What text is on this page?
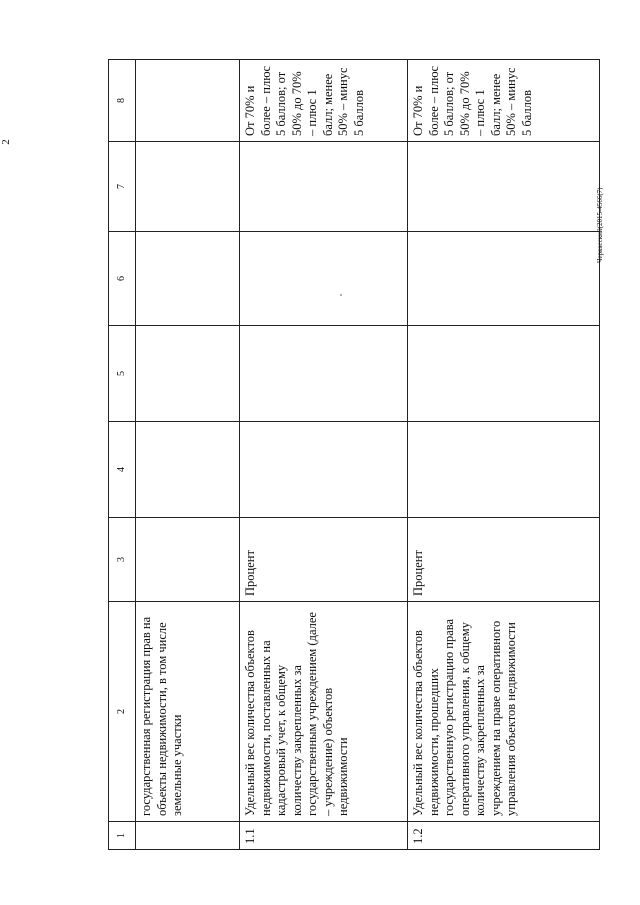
2
1	2	3	4	5	6	7	8
	государственная регистрация прав на объекты недвижимости, в том числе земельные участки						
1.1	Удельный вес количества объектов недвижимости, поставленных на кадастровый учет, к общему количеству закрепленных за государственным учреждением (далее – учреждение) объектов недвижимости	Процент					От 70% и более – плюс 5 баллов; от 50% до 70% – плюс 1 балл; менее 50% – минус 5 баллов
1.2	Удельный вес количества объектов недвижимости, прошедших государственную регистрацию права оперативного управления, к общему количеству закрепленных за учреждением на праве оперативного управления объектов недвижимости	Процент					От 70% и более – плюс 5 баллов; от 50% до 70% – плюс 1 балл; менее 50% – минус 5 баллов
Черкасский(2015-4566(7)
